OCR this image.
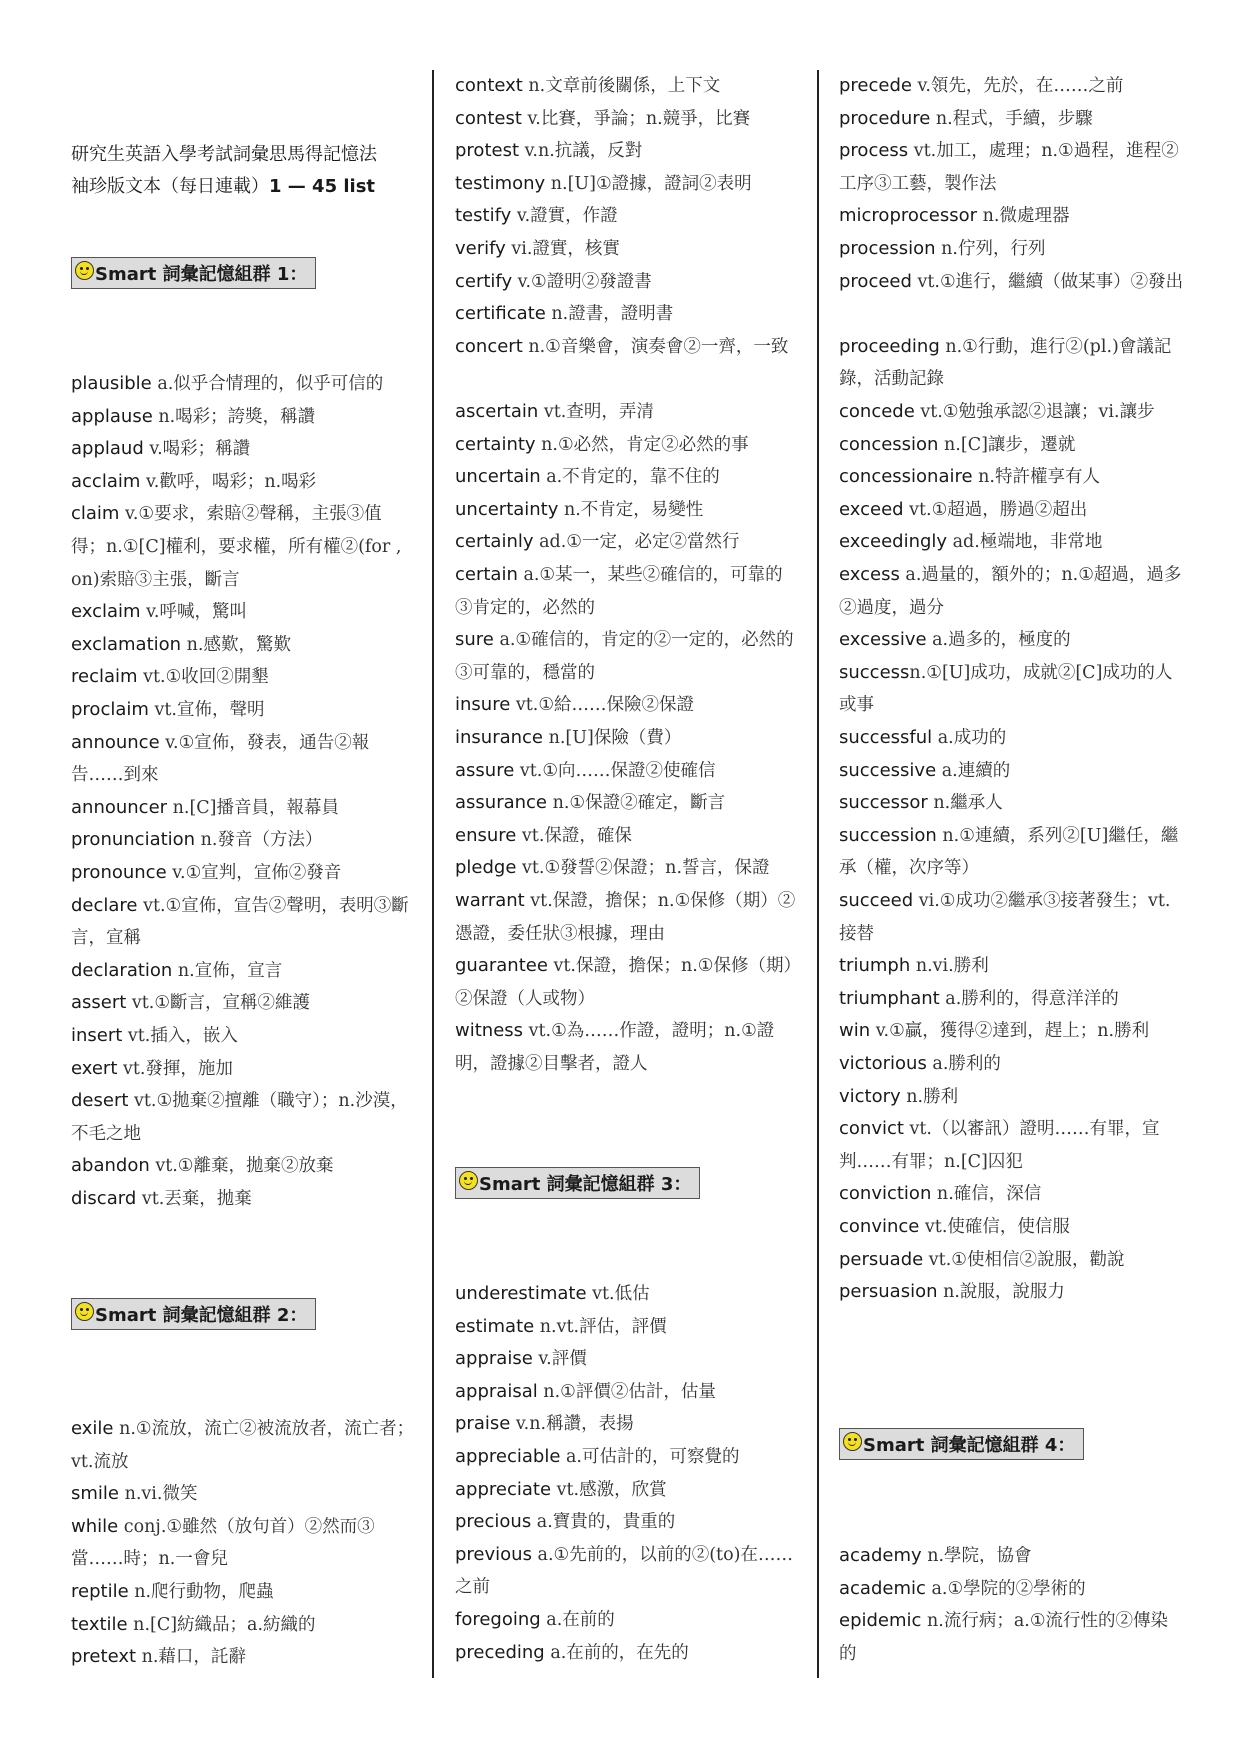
研究生英語入學考試詞彙思馬得記憶法
袖珍版文本（每日連載）1 — 45 list
Smart 詞彙記憶組群 1：
Smart 詞彙記憶組群 2：
Smart 詞彙記憶組群 3：
Smart 詞彙記憶組群 4：
plausible a.似乎合情理的，似乎可信的
applause n.喝彩；誇獎，稱讚
applaud v.喝彩；稱讚
acclaim v.歡呼，喝彩；n.喝彩
claim v.①要求，索賠②聲稱，主張③值得；n.①[C]權利，要求權，所有權②(for , on)索賠③主張，斷言
exclaim v.呼喊，驚叫
exclamation n.感歎，驚歎
reclaim vt.①收回②開墾
proclaim vt.宣佈，聲明
announce v.①宣佈，發表，通告②報告……到來
announcer n.[C]播音員，報幕員
pronunciation n.發音（方法）
pronounce v.①宣判，宣佈②發音
declare vt.①宣佈，宣告②聲明，表明③斷言，宣稱
declaration n.宣佈，宣言
assert vt.①斷言，宣稱②維護
insert vt.插入，嵌入
exert vt.發揮，施加
desert vt.①拋棄②擅離（職守）；n.沙漠，不毛之地
abandon vt.①離棄，拋棄②放棄
discard vt.丟棄，拋棄
exile n.①流放，流亡②被流放者，流亡者；vt.流放
smile n.vi.微笑
while conj.①雖然（放句首）②然而③當……時；n.一會兒
reptile n.爬行動物，爬蟲
textile n.[C]紡織品；a.紡織的
pretext n.藉口，託辭
context n.文章前後關係，上下文
contest v.比賽，爭論；n.競爭，比賽
protest v.n.抗議，反對
testimony n.[U]①證據，證詞②表明
testify v.證實，作證
verify vi.證實，核實
certify v.①證明②發證書
certificate n.證書，證明書
concert n.①音樂會，演奏會②一齊，一致
ascertain vt.查明，弄清
certainty n.①必然，肯定②必然的事
uncertain a.不肯定的，靠不住的
uncertainty n.不肯定，易變性
certainly ad.①一定，必定②當然行
certain a.①某一，某些②確信的，可靠的③肯定的，必然的
sure a.①確信的，肯定的②一定的，必然的③可靠的，穩當的
insure vt.①給……保險②保證
insurance n.[U]保險（費）
assure vt.①向……保證②使確信
assurance n.①保證②確定，斷言
ensure vt.保證，確保
pledge vt.①發誓②保證；n.誓言，保證
warrant vt.保證，擔保；n.①保修（期）②憑證，委任狀③根據，理由
guarantee vt.保證，擔保；n.①保修（期）②保證（人或物）
witness vt.①為……作證，證明；n.①證明，證據②目擊者，證人
underestimate vt.低估
estimate n.vt.評估，評價
appraise v.評價
appraisal n.①評價②估計，估量
praise v.n.稱讚，表揚
appreciable a.可估計的，可察覺的
appreciate vt.感激，欣賞
precious a.寶貴的，貴重的
previous a.①先前的，以前的②(to)在……之前
foregoing a.在前的
preceding a.在前的，在先的
precede v.領先，先於，在……之前
procedure n.程式，手續，步驟
process vt.加工，處理；n.①過程，進程②工序③工藝，製作法
microprocessor n.微處理器
procession n.佇列，行列
proceed vt.①進行，繼續（做某事）②發出
proceeding n.①行動，進行②(pl.)會議記錄，活動記錄
concede vt.①勉強承認②退讓；vi.讓步
concession n.[C]讓步，遷就
concessionaire n.特許權享有人
exceed vt.①超過，勝過②超出
exceedingly ad.極端地，非常地
excess a.過量的，額外的；n.①超過，過多②過度，過分
excessive a.過多的，極度的
successn.①[U]成功，成就②[C]成功的人或事
successful a.成功的
successive a.連續的
successor n.繼承人
succession n.①連續，系列②[U]繼任，繼承（權，次序等）
succeed vi.①成功②繼承③接著發生；vt.接替
triumph n.vi.勝利
triumphant a.勝利的，得意洋洋的
win v.①贏，獲得②達到，趕上；n.勝利
victorious a.勝利的
victory n.勝利
convict vt.（以審訊）證明……有罪，宣判……有罪；n.[C]囚犯
conviction n.確信，深信
convince vt.使確信，使信服
persuade vt.①使相信②說服，勸說
persuasion n.說服，說服力
academy n.學院，協會
academic a.①學院的②學術的
epidemic n.流行病；a.①流行性的②傳染的
